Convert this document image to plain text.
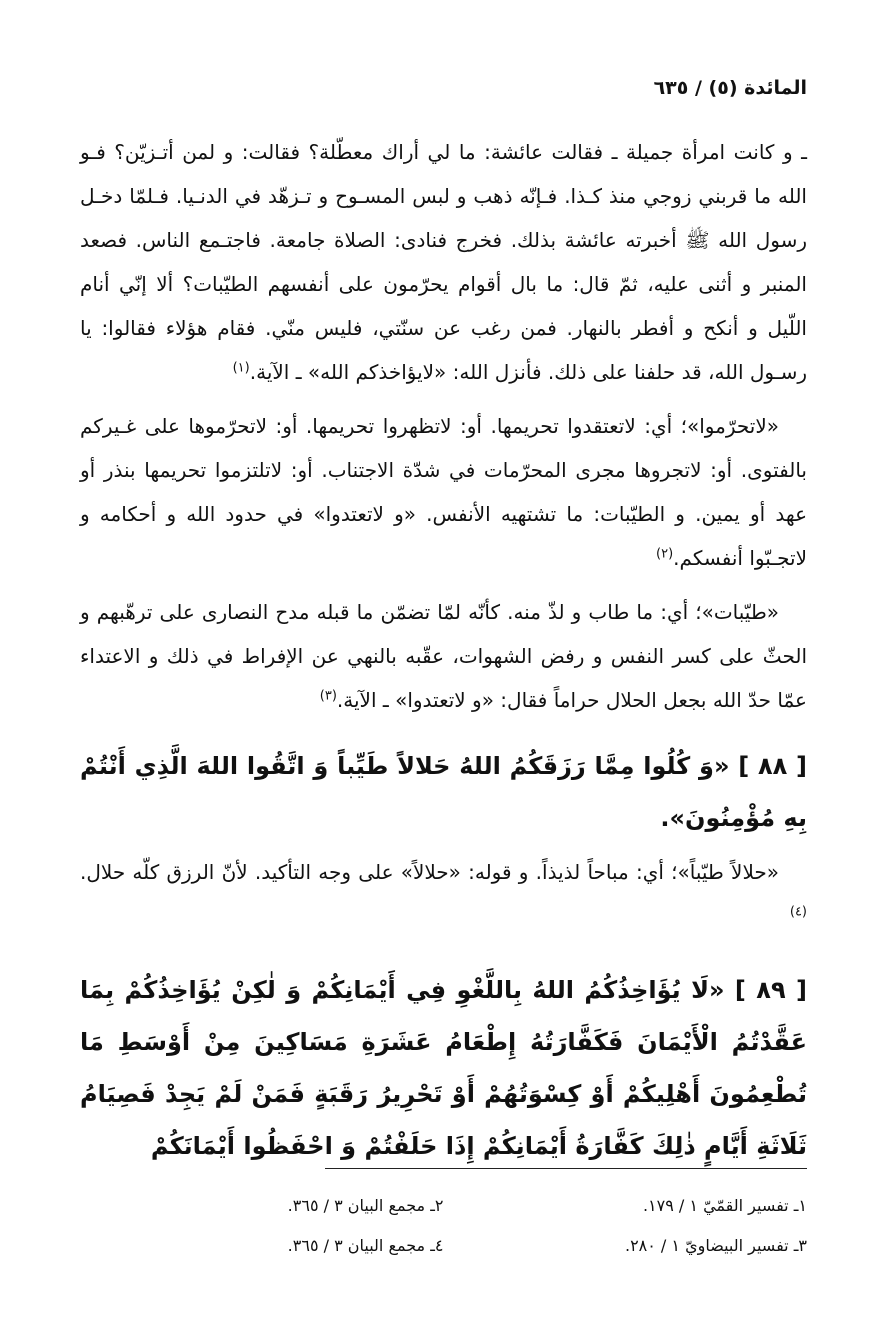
المائدة (٥) / ٦٣٥

ـ و كانت امرأة جميلة ـ فقالت عائشة: ما لي أراك معطّلة؟ فقالت: و لمن أتـزيّن؟ فـو الله ما قربني زوجي منذ كـذا. فـإنّه ذهب و لبس المسـوح و تـزهّد في الدنـيا. فـلمّا دخـل رسول الله ﷺ أخبرته عائشة بذلك. فخرج فنادى: الصلاة جامعة. فاجتـمع الناس. فصعد المنبر و أثنى عليه، ثمّ قال: ما بال أقوام يحرّمون على أنفسهم الطيّبات؟ ألا إنّي أنام اللّيل و أنكح و أفطر بالنهار. فمن رغب عن سنّتي، فليس منّي. فقام هؤلاء فقالوا: يا رسـول الله، قد حلفنا على ذلك. فأنزل الله: «لايؤاخذكم الله» ـ الآية.$^{(١)}$

«لاتحرّموا»؛ أي: لاتعتقدوا تحريمها. أو: لاتظهروا تحريمها. أو: لاتحرّموها على غـيركم بالفتوى. أو: لاتجروها مجرى المحرّمات في شدّة الاجتناب. أو: لاتلتزموا تحريمها بنذر أو عهد أو يمين. و الطيّبات: ما تشتهيه الأنفس. «و لاتعتدوا» في حدود الله و أحكامه و لاتجـبّوا أنفسكم.$^{(٢)}$

«طيّبات»؛ أي: ما طاب و لذّ منه. كأنّه لمّا تضمّن ما قبله مدح النصارى على ترهّبهم و الحثّ على كسر النفس و رفض الشهوات، عقّبه بالنهي عن الإفراط في ذلك و الاعتداء عمّا حدّ الله بجعل الحلال حراماً فقال: «و لاتعتدوا» ـ الآية.$^{(٣)}$

[ ٨٨ ] «وَ كُلُوا مِمَّا رَزَقَكُمُ اللهُ حَلالاً طَيِّباً وَ اتَّقُوا اللهَ الَّذِي أَنْتُمْ بِهِ مُؤْمِنُونَ».

«حلالاً طيّباً»؛ أي: مباحاً لذيذاً. و قوله: «حلالاً» على وجه التأكيد. لأنّ الرزق كلّه حلال.$^{(٤)}$

[ ٨٩ ] «لَا يُؤَاخِذُكُمُ اللهُ بِاللَّغْوِ فِي أَيْمَانِكُمْ وَ لٰكِنْ يُؤَاخِذُكُمْ بِمَا عَقَّدْتُمُ الْأَيْمَانَ فَكَفَّارَتُهُ إِطْعَامُ عَشَرَةِ مَسَاكِينَ مِنْ أَوْسَطِ مَا تُطْعِمُونَ أَهْلِيكُمْ أَوْ كِسْوَتُهُمْ أَوْ تَحْرِيرُ رَقَبَةٍ فَمَنْ لَمْ يَجِدْ فَصِيَامُ ثَلَاثَةِ أَيَّامٍ ذٰلِكَ كَفَّارَةُ أَيْمَانِكُمْ إِذَا حَلَفْتُمْ وَ احْفَظُوا أَيْمَانَكُمْ

١ـ تفسير القمّيّ ١ / ١٧٩.
٢ـ مجمع البيان ٣ / ٣٦٥.
٣ـ تفسير البيضاويّ ١ / ٢٨٠.
٤ـ مجمع البيان ٣ / ٣٦٥.
